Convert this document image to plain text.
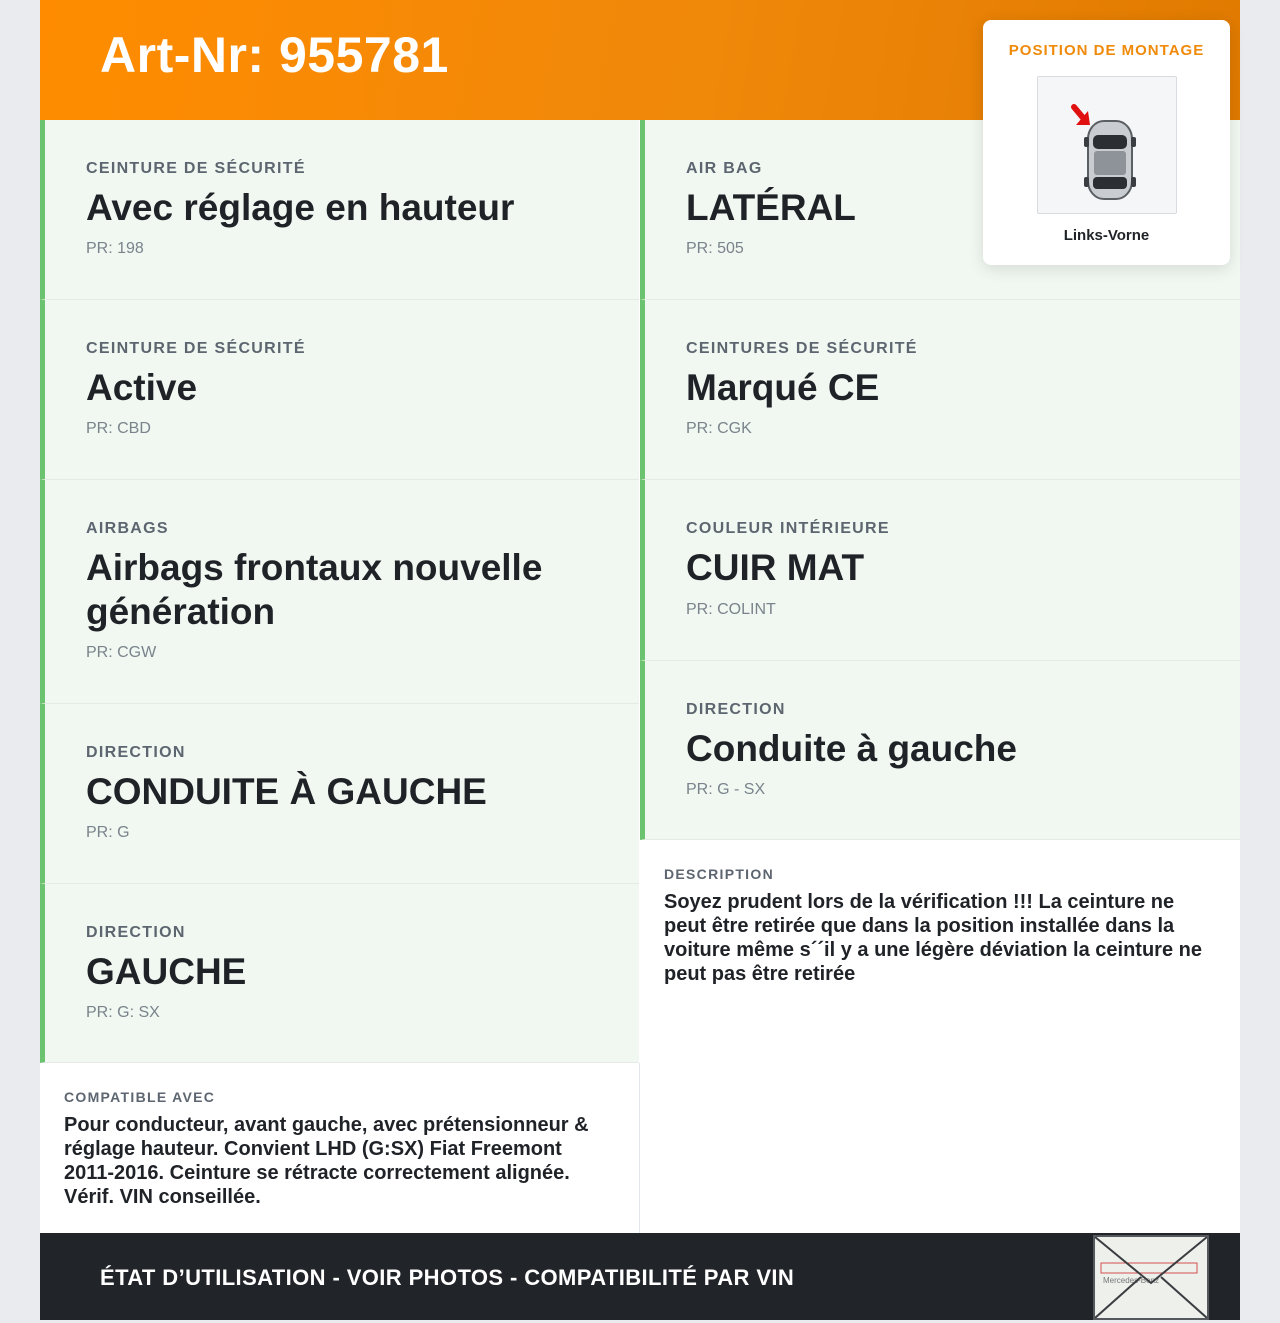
Art-Nr: 955781	POSITION DE MONTAGE
Links-Vorne
CEINTURE DE SÉCURITÉ
Avec réglage en hauteur
PR: 198
CEINTURE DE SÉCURITÉ
Active
PR: CBD
AIRBAGS
Airbags frontaux nouvelle génération
PR: CGW
DIRECTION
CONDUITE À GAUCHE
PR: G
DIRECTION
GAUCHE
PR: G: SX
AIR BAG
LATÉRAL
PR: 505
CEINTURES DE SÉCURITÉ
Marqué CE
PR: CGK
COULEUR INTÉRIEURE
CUIR MAT
PR: COLINT
DIRECTION
Conduite à gauche
PR: G - SX
COMPATIBLE AVEC
Pour conducteur, avant gauche, avec prétensionneur & réglage hauteur. Convient LHD (G:SX) Fiat Freemont 2011-2016. Ceinture se rétracte correctement alignée. Vérif. VIN conseillée.
DESCRIPTION
Soyez prudent lors de la vérification !!! La ceinture ne peut être retirée que dans la position installée dans la voiture même s´´il y a une légère déviation la ceinture ne peut pas être retirée
ÉTAT D’UTILISATION - VOIR PHOTOS - COMPATIBILITÉ PAR VIN	Mercedes-Benz
